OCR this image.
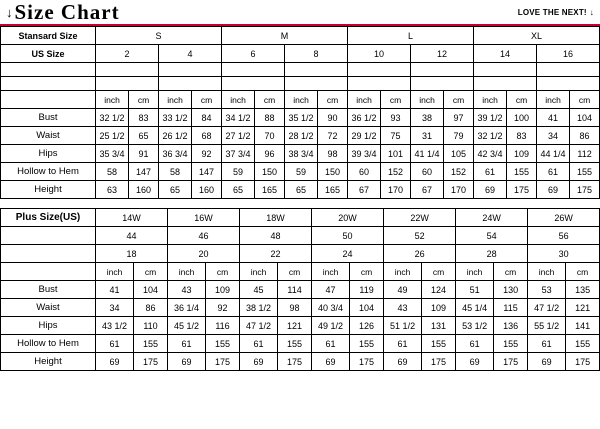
↓ Size Chart	LOVE THE NEXT! ↓
Stansard Size	S				M				L				XL			
US Size	2		4		6		8		10		12		14		16	

	inch	cm	inch	cm	inch	cm	inch	cm	inch	cm	inch	cm	inch	cm	inch	cm
Bust	32 1/2	83	33 1/2	84	34 1/2	88	35 1/2	90	36 1/2	93	38	97	39 1/2	100	41	104
Waist	25 1/2	65	26 1/2	68	27 1/2	70	28 1/2	72	29 1/2	75	31	79	32 1/2	83	34	86
Hips	35 3/4	91	36 3/4	92	37 3/4	96	38 3/4	98	39 3/4	101	41 1/4	105	42 3/4	109	44 1/4	112
Hollow to Hem	58	147	58	147	59	150	59	150	60	152	60	152	61	155	61	155
Height	63	160	65	160	65	165	65	165	67	170	67	170	69	175	69	175
Plus Size(US)	14W		16W		18W		20W		22W		24W		26W	
	44		46		48		50		52		54		56	
	18		20		22		24		26		28		30	
	inch	cm	inch	cm	inch	cm	inch	cm	inch	cm	inch	cm	inch	cm
Bust	41	104	43	109	45	114	47	119	49	124	51	130	53	135
Waist	34	86	36 1/4	92	38 1/2	98	40 3/4	104	43	109	45 1/4	115	47 1/2	121
Hips	43 1/2	110	45 1/2	116	47 1/2	121	49 1/2	126	51 1/2	131	53 1/2	136	55 1/2	141
Hollow to Hem	61	155	61	155	61	155	61	155	61	155	61	155	61	155
Height	69	175	69	175	69	175	69	175	69	175	69	175	69	175
